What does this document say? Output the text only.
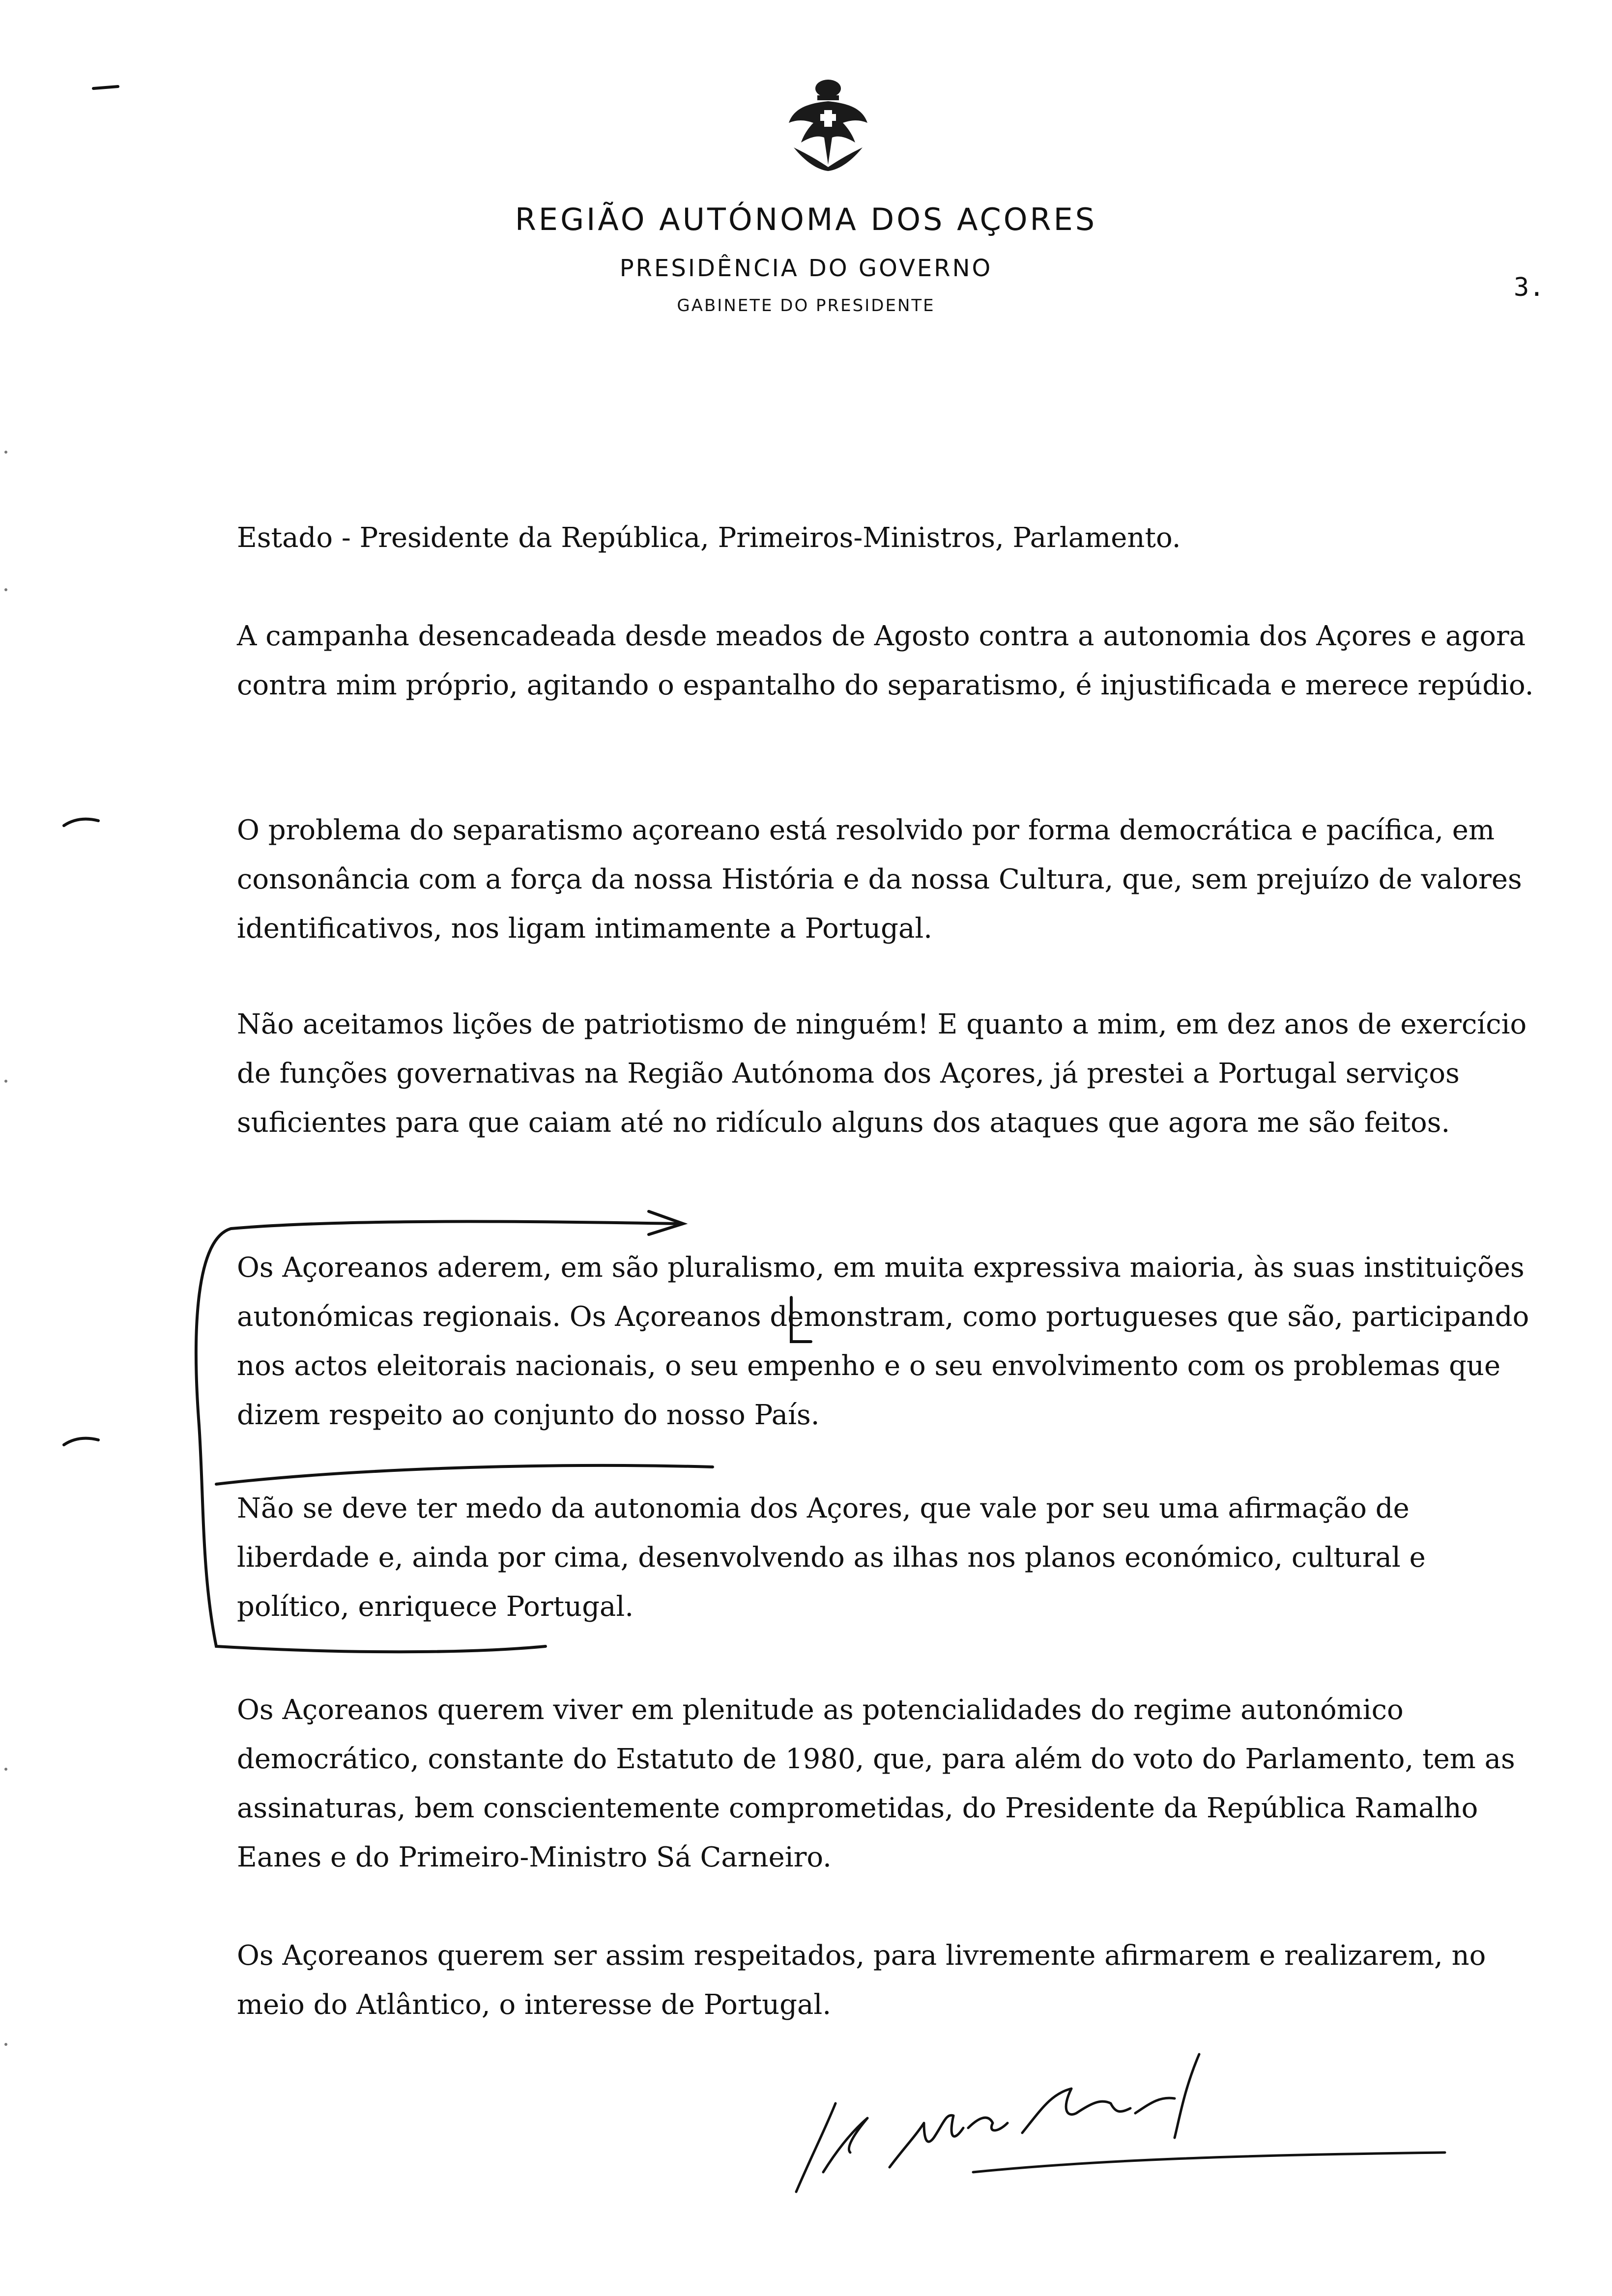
REGIÃO AUTÓNOMA DOS AÇORES
PRESIDÊNCIA DO GOVERNO
GABINETE DO PRESIDENTE
3.

Estado - Presidente da República, Primeiros-Ministros, Parlamento.

A campanha desencadeada desde meados de Agosto contra a autonomia dos Açores e agora contra mim próprio, agitando o espantalho do separatismo, é injustificada e merece repúdio.

O problema do separatismo açoreano está resolvido por forma democrática e pacífica, em consonância com a força da nossa História e da nossa Cultura, que, sem prejuízo de valores identificativos, nos ligam intimamente a Portugal.

Não aceitamos lições de patriotismo de ninguém! E quanto a mim, em dez anos de exercício de funções governativas na Região Autónoma dos Açores, já prestei a Portugal serviços suficientes para que caiam até no ridículo alguns dos ataques que agora me são feitos.

Os Açoreanos aderem, em são pluralismo, em muita expressiva maioria, às suas instituições autonómicas regionais. Os Açoreanos demonstram, como portugueses que são, participando nos actos eleitorais nacionais, o seu empenho e o seu envolvimento com os problemas que dizem respeito ao conjunto do nosso País.

Não se deve ter medo da autonomia dos Açores, que vale por seu uma afirmação de liberdade e, ainda por cima, desenvolvendo as ilhas nos planos económico, cultural e político, enriquece Portugal.

Os Açoreanos querem viver em plenitude as potencialidades do regime autonómico democrático, constante do Estatuto de 1980, que, para além do voto do Parlamento, tem as assinaturas, bem conscientemente comprometidas, do Presidente da República Ramalho Eanes e do Primeiro-Ministro Sá Carneiro.

Os Açoreanos querem ser assim respeitados, para livremente afirmarem e realizarem, no meio do Atlântico, o interesse de Portugal.
